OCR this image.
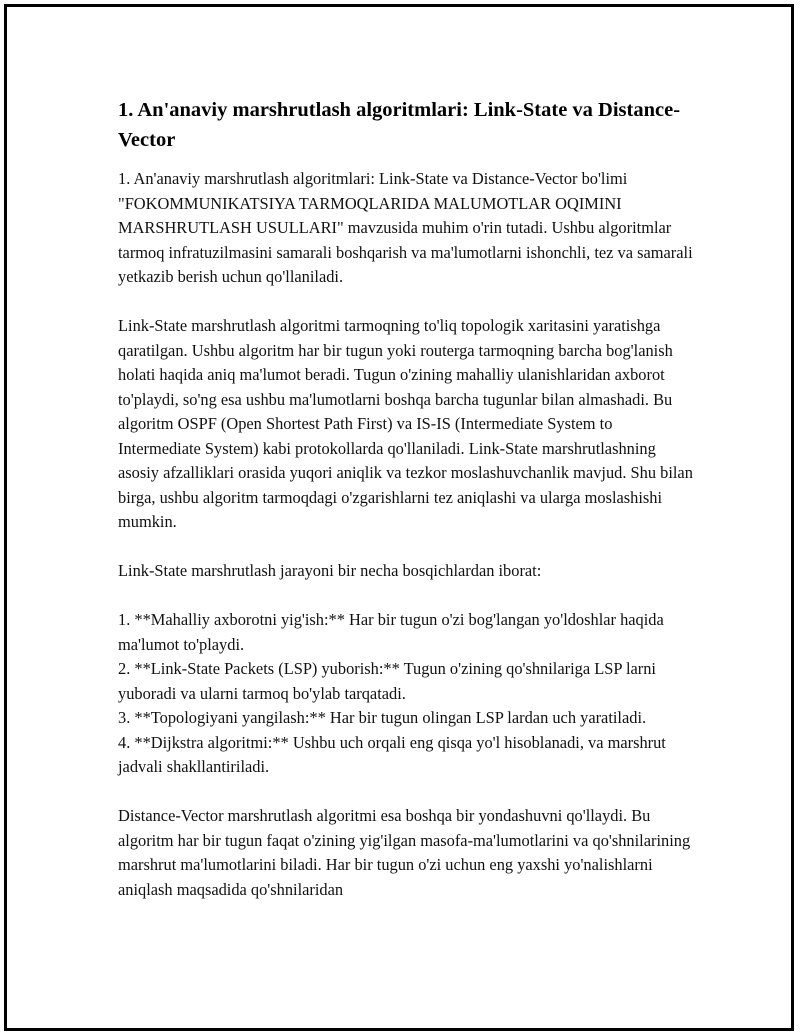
1. An'anaviy marshrutlash algoritmlari: Link-State va Distance-Vector

1. An'anaviy marshrutlash algoritmlari: Link-State va Distance-Vector bo'limi "FOKOMMUNIKATSIYA TARMOQLARIDA MALUMOTLAR OQIMINI MARSHRUTLASH USULLARI" mavzusida muhim o'rin tutadi. Ushbu algoritmlar tarmoq infratuzilmasini samarali boshqarish va ma'lumotlarni ishonchli, tez va samarali yetkazib berish uchun qo'llaniladi.

Link-State marshrutlash algoritmi tarmoqning to'liq topologik xaritasini yaratishga qaratilgan. Ushbu algoritm har bir tugun yoki routerga tarmoqning barcha bog'lanish holati haqida aniq ma'lumot beradi. Tugun o'zining mahalliy ulanishlaridan axborot to'playdi, so'ng esa ushbu ma'lumotlarni boshqa barcha tugunlar bilan almashadi. Bu algoritm OSPF (Open Shortest Path First) va IS-IS (Intermediate System to Intermediate System) kabi protokollarda qo'llaniladi. Link-State marshrutlashning asosiy afzalliklari orasida yuqori aniqlik va tezkor moslashuvchanlik mavjud. Shu bilan birga, ushbu algoritm tarmoqdagi o'zgarishlarni tez aniqlashi va ularga moslashishi mumkin.

Link-State marshrutlash jarayoni bir necha bosqichlardan iborat:

1. **Mahalliy axborotni yig'ish:** Har bir tugun o'zi bog'langan yo'ldoshlar haqida ma'lumot to'playdi.

2. **Link-State Packets (LSP) yuborish:** Tugun o'zining qo'shnilariga LSP larni yuboradi va ularni tarmoq bo'ylab tarqatadi.

3. **Topologiyani yangilash:** Har bir tugun olingan LSP lardan uch yaratiladi.

4. **Dijkstra algoritmi:** Ushbu uch orqali eng qisqa yo'l hisoblanadi, va marshrut jadvali shakllantiriladi.

Distance-Vector marshrutlash algoritmi esa boshqa bir yondashuvni qo'llaydi. Bu algoritm har bir tugun faqat o'zining yig'ilgan masofa-ma'lumotlarini va qo'shnilarining marshrut ma'lumotlarini biladi. Har bir tugun o'zi uchun eng yaxshi yo'nalishlarni aniqlash maqsadida qo'shnilaridan
